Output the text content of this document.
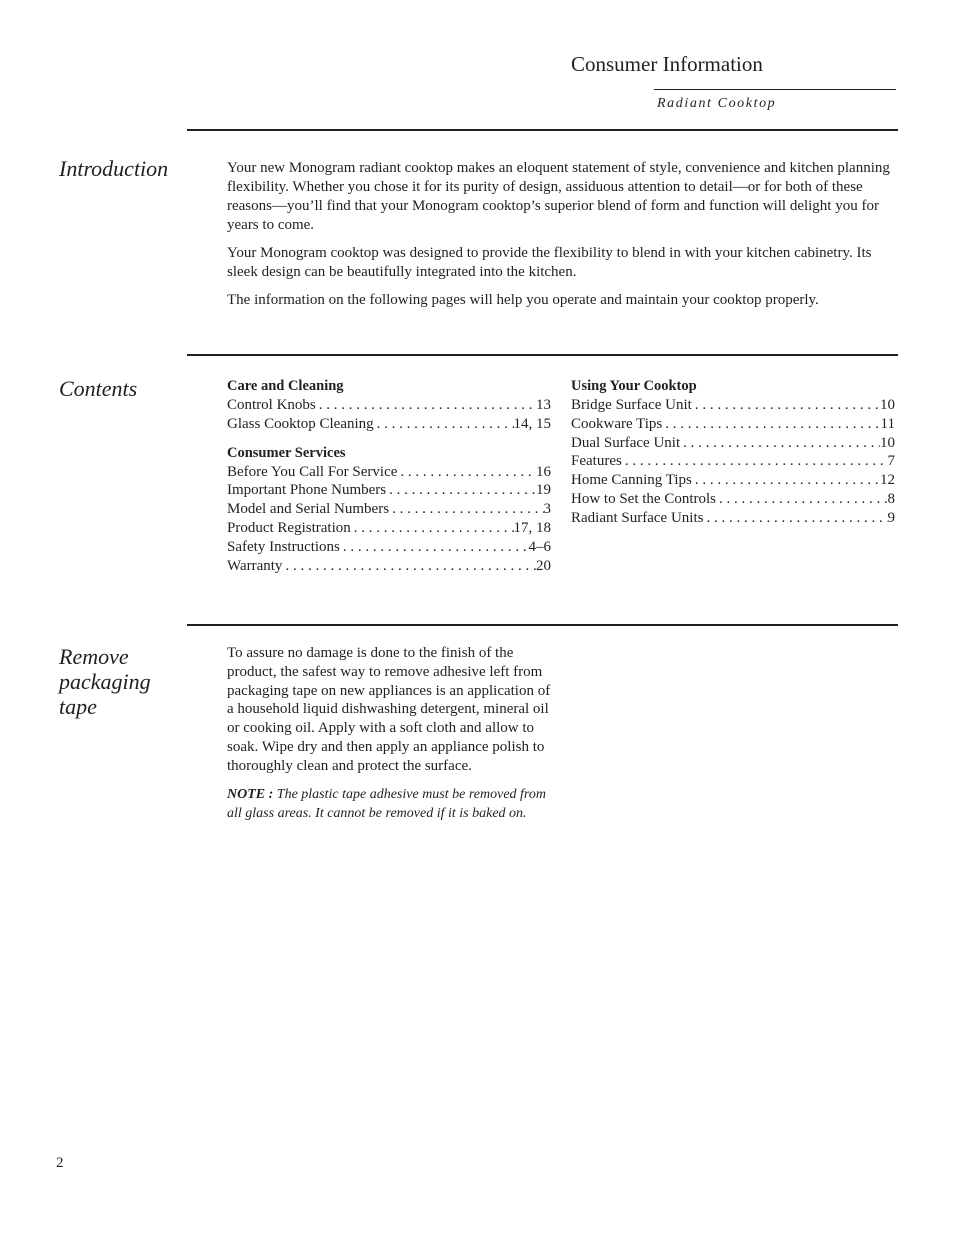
Consumer Information
Radiant Cooktop
Introduction	Your new Monogram radiant cooktop makes an eloquent statement of style, convenience and kitchen planning flexibility. Whether you chose it for its purity of design, assiduous attention to detail—or for both of these reasons—you’ll find that your Monogram cooktop’s superior blend of form and function will delight you for years to come.

Your Monogram cooktop was designed to provide the flexibility to blend in with your kitchen cabinetry. Its sleek design can be beautifully integrated into the kitchen.

The information on the following pages will help you operate and maintain your cooktop properly.

Contents	Care and Cleaning
Control Knobs . . .	13
Glass Cooktop Cleaning . . .	14, 15
Consumer Services
Before You Call For Service . . .	16
Important Phone Numbers . . .	19
Model and Serial Numbers . . .	3
Product Registration . . .	17, 18
Safety Instructions . . .	4–6
Warranty . . .	20
Using Your Cooktop
Bridge Surface Unit . . .	10
Cookware Tips . . .	11
Dual Surface Unit . . .	10
Features . . .	7
Home Canning Tips . . .	12
How to Set the Controls . . .	8
Radiant Surface Units . . .	9
Remove
packaging
tape

To assure no damage is done to the finish of the product, the safest way to remove adhesive left from packaging tape on new appliances is an application of a household liquid dishwashing detergent, mineral oil or cooking oil. Apply with a soft cloth and allow to soak. Wipe dry and then apply an appliance polish to thoroughly clean and protect the surface.

NOTE : The plastic tape adhesive must be removed from all glass areas. It cannot be removed if it is baked on.
2
